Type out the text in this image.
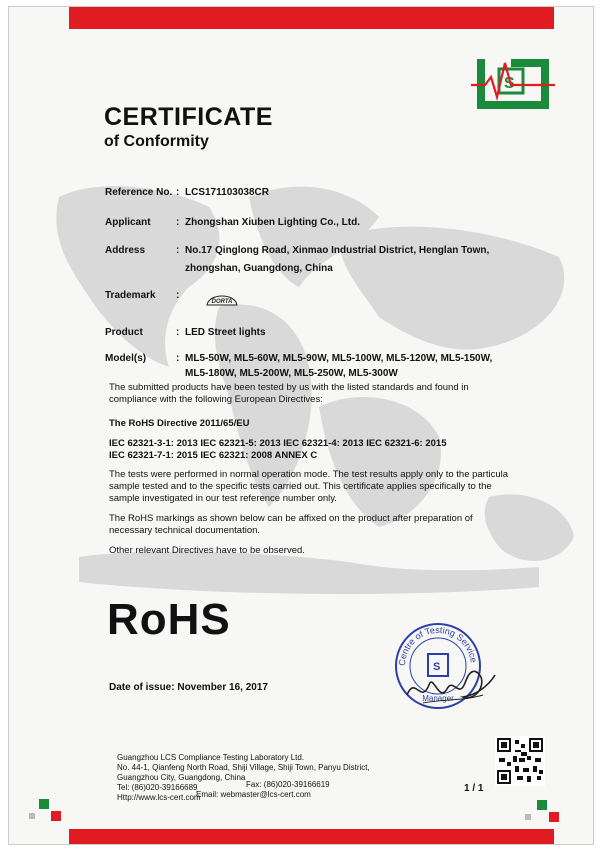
S
CERTIFICATE
of Conformity
Reference No. : LCS171103038CR
Applicant	: Zhongshan Xiuben Lighting Co., Ltd.
Address	: No.17 Qinglong Road, Xinmao Industrial District, Henglan Town,
zhongshan, Guangdong, China
Trademark :
DORTA
Product	: LED Street lights
Model(s)	: ML5-50W, ML5-60W, ML5-90W, ML5-100W, ML5-120W, ML5-150W,
ML5-180W, ML5-200W, ML5-250W, ML5-300W
The submitted products have been tested by us with the listed standards and found in
compliance with the following European Directives:
The RoHS Directive 2011/65/EU
IEC 62321-3-1: 2013 IEC 62321-5: 2013 IEC 62321-4: 2013 IEC 62321-6: 2015
IEC 62321-7-1: 2015 IEC 62321: 2008 ANNEX C
The tests were performed in normal operation mode. The test results apply only to the particula
sample tested and to the specific tests carried out. This certificate applies specifically to the
sample investigated in our test reference number only.
The RoHS markings as shown below can be affixed on the product after preparation of
necessary technical documentation.
Other relevant Directives have to be observed.
RoHS
Date of issue: November 16, 2017
Centre of Testing Service
S
Manager
Guangzhou LCS Compliance Testing Laboratory Ltd.
No. 44-1, Qianfeng North Road, Shiji Village, Shiji Town, Panyu District,
Guangzhou City, Guangdong, China
Tel: (86)020-39166689
Http://www.lcs-cert.com
Fax: (86)020-39166619
Email: webmaster@lcs-cert.com
1 / 1
